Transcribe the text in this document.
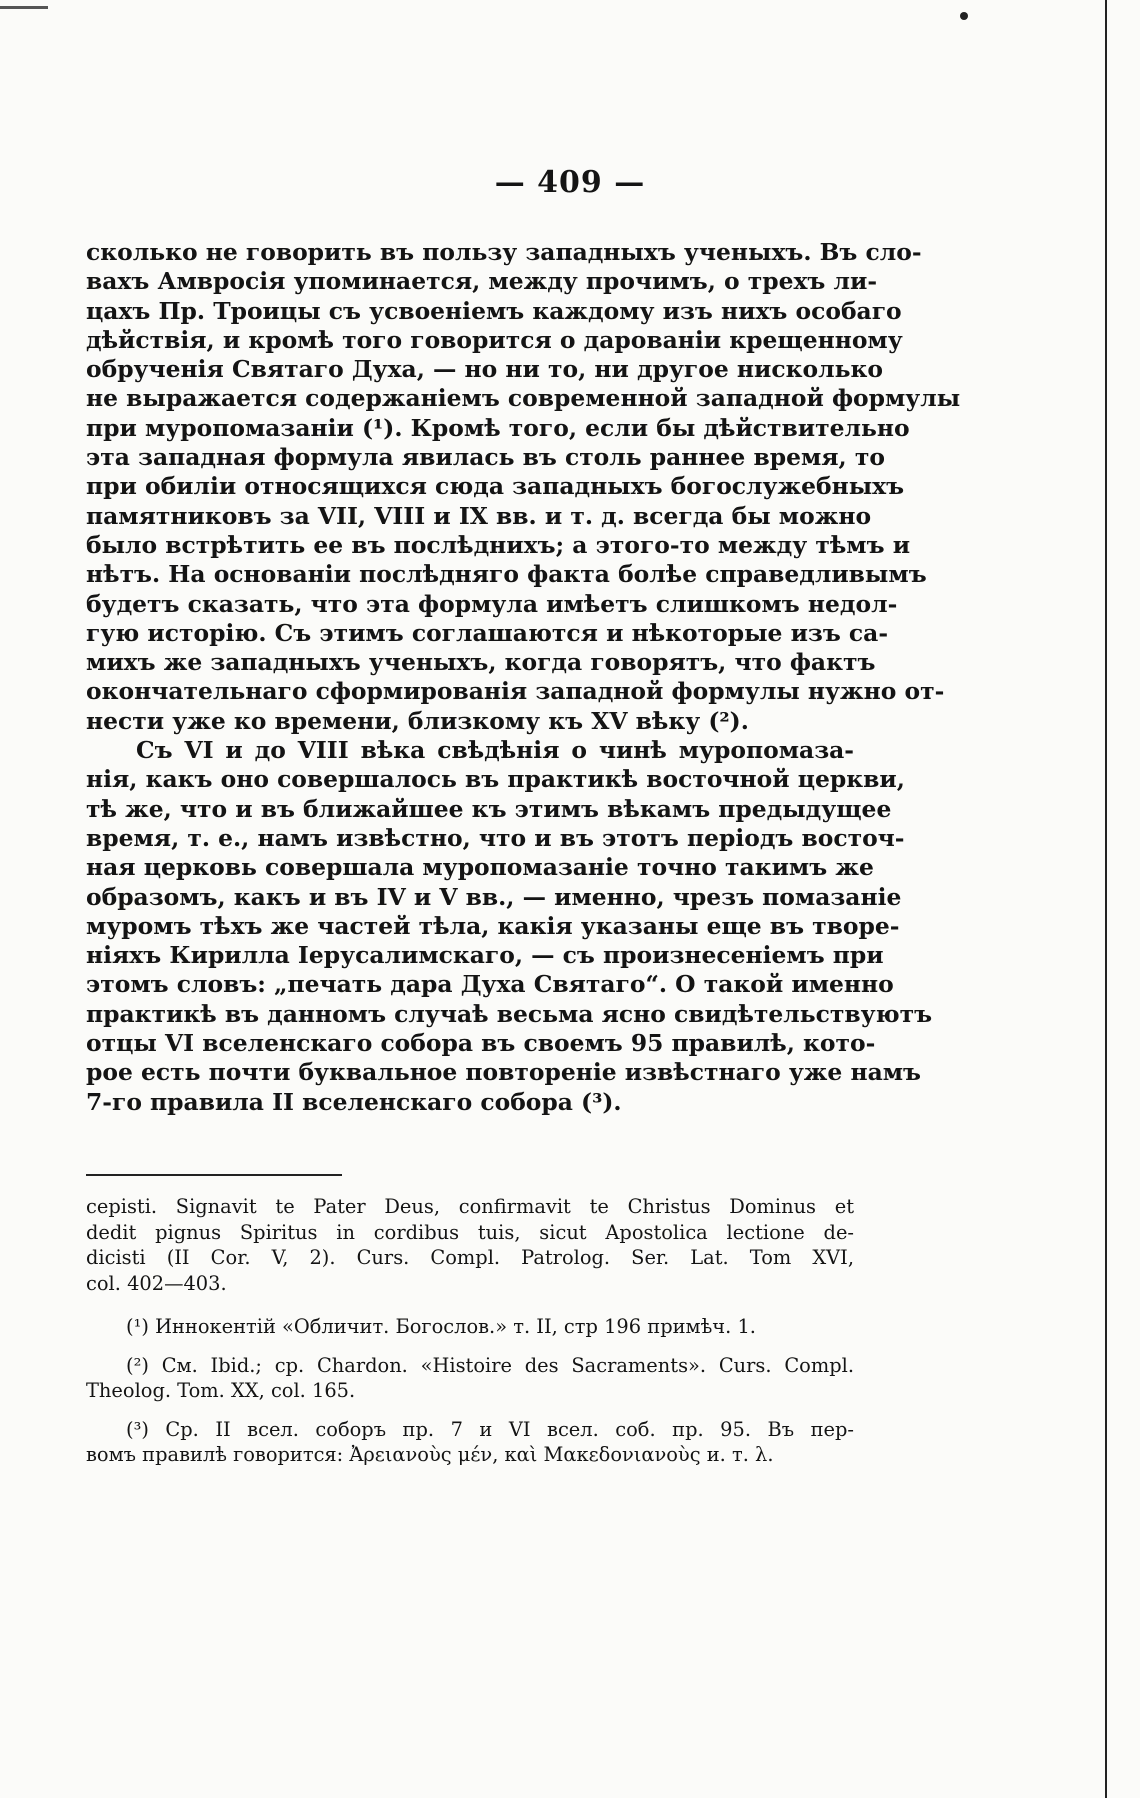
— 409 —
сколько не говорить въ пользу западныхъ ученыхъ. Въ сло-
вахъ Амвросія упоминается, между прочимъ, о трехъ ли-
цахъ Пр. Троицы съ усвоеніемъ каждому изъ нихъ особаго
дѣйствія, и кромѣ того говорится о дарованіи крещенному
обрученія Святаго Духа, — но ни то, ни другое нисколько
не выражается содержаніемъ современной западной формулы
при муропомазаніи (¹). Кромѣ того, если бы дѣйствительно
эта западная формула явилась въ столь раннее время, то
при обиліи относящихся сюда западныхъ богослужебныхъ
памятниковъ за VII, VIII и IX вв. и т. д. всегда бы можно
было встрѣтить ее въ послѣднихъ; а этого-то между тѣмъ и
нѣтъ. На основаніи послѣдняго факта болѣе справедливымъ
будетъ сказать, что эта формула имѣетъ слишкомъ недол-
гую исторію. Съ этимъ соглашаются и нѣкоторые изъ са-
михъ же западныхъ ученыхъ, когда говорятъ, что фактъ
окончательнаго сформированія западной формулы нужно от-
нести уже ко времени, близкому къ XV вѣку (²).
Съ VI и до VIII вѣка свѣдѣнія о чинѣ муропомаза-
нія, какъ оно совершалось въ практикѣ восточной церкви,
тѣ же, что и въ ближайшее къ этимъ вѣкамъ предыдущее
время, т. е., намъ извѣстно, что и въ этотъ періодъ восточ-
ная церковь совершала муропомазаніе точно такимъ же
образомъ, какъ и въ IV и V вв., — именно, чрезъ помазаніе
муромъ тѣхъ же частей тѣла, какія указаны еще въ творе-
ніяхъ Кирилла Іерусалимскаго, — съ произнесеніемъ при
этомъ словъ: „печать дара Духа Святаго“. О такой именно
практикѣ въ данномъ случаѣ весьма ясно свидѣтельствуютъ
отцы VI вселенскаго собора въ своемъ 95 правилѣ, кото-
рое есть почти буквальное повтореніе извѣстнаго уже намъ
7-го правила II вселенскаго собора (³).
cepisti. Signavit te Pater Deus, confirmavit te Christus Dominus et
dedit pignus Spiritus in cordibus tuis, sicut Apostolica lectione de-
dicisti (II Cor. V, 2). Curs. Compl. Patrolog. Ser. Lat. Tom XVI,
col. 402—403.
(¹) Иннокентій «Обличит. Богослов.» т. II, стр 196 примѣч. 1.
(²) См. Ibid.; ср. Chardon. «Histoire des Sacraments». Curs. Compl.
Theolog. Tom. XX, col. 165.
(³) Ср. II всел. соборъ пр. 7 и VI всел. соб. пр. 95. Въ пер-
вомъ правилѣ говорится: Ἀρειανοὺς μέν, καὶ Μακεδονιανοὺς и. т. λ.
